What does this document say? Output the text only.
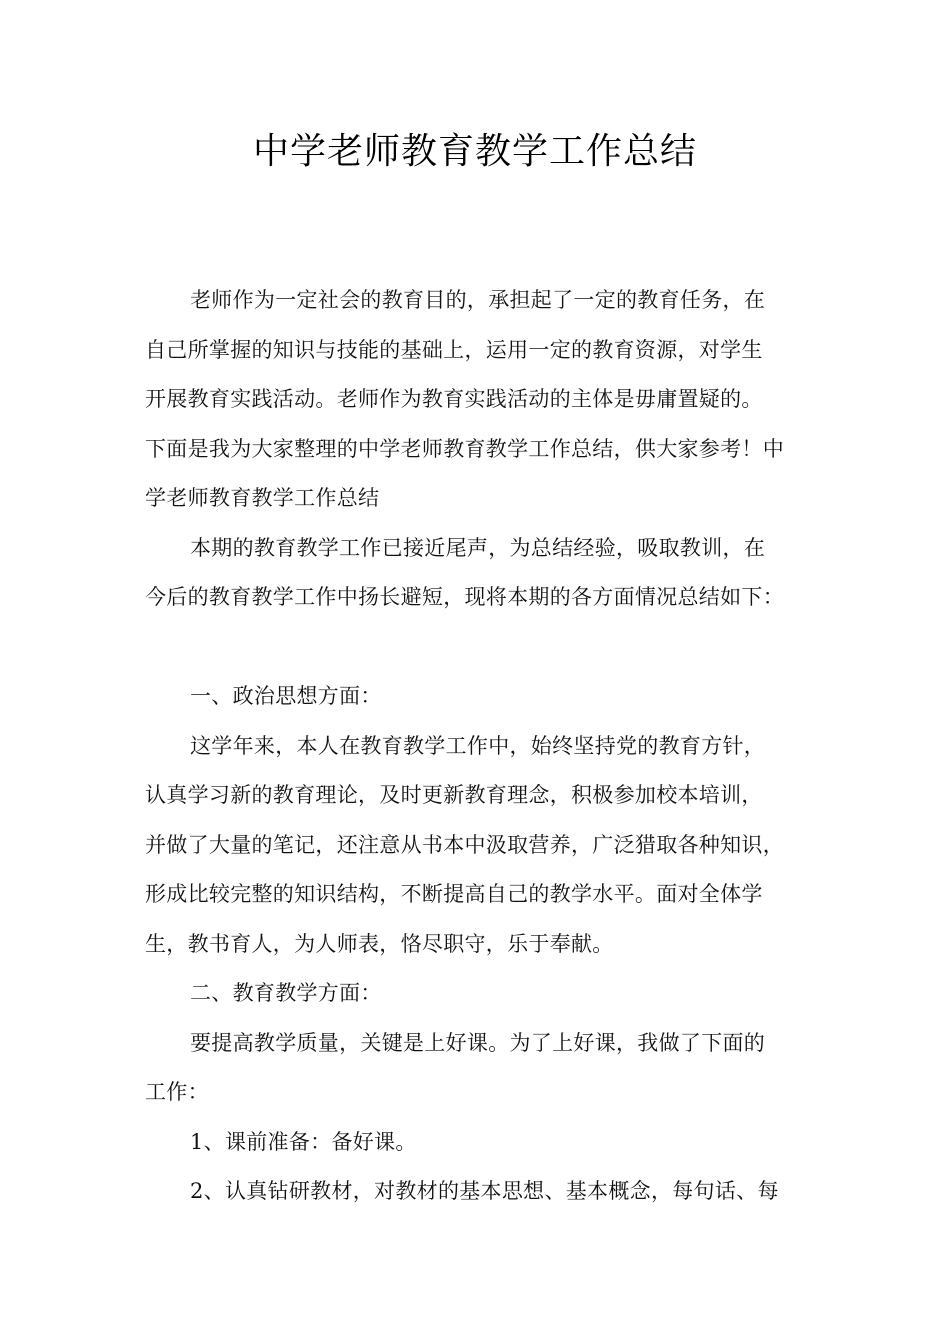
中学老师教育教学工作总结
老师作为一定社会的教育目的，承担起了一定的教育任务，在
自己所掌握的知识与技能的基础上，运用一定的教育资源，对学生
开展教育实践活动。老师作为教育实践活动的主体是毋庸置疑的。
下面是我为大家整理的中学老师教育教学工作总结，供大家参考！中
学老师教育教学工作总结
本期的教育教学工作已接近尾声，为总结经验，吸取教训，在
今后的教育教学工作中扬长避短，现将本期的各方面情况总结如下：
一、政治思想方面：
这学年来，本人在教育教学工作中，始终坚持党的教育方针，
认真学习新的教育理论，及时更新教育理念，积极参加校本培训，
并做了大量的笔记，还注意从书本中汲取营养，广泛猎取各种知识，
形成比较完整的知识结构，不断提高自己的教学水平。面对全体学
生，教书育人，为人师表，恪尽职守，乐于奉献。
二、教育教学方面：
要提高教学质量，关键是上好课。为了上好课，我做了下面的
工作：
1、课前准备：备好课。
2、认真钻研教材，对教材的基本思想、基本概念，每句话、每
